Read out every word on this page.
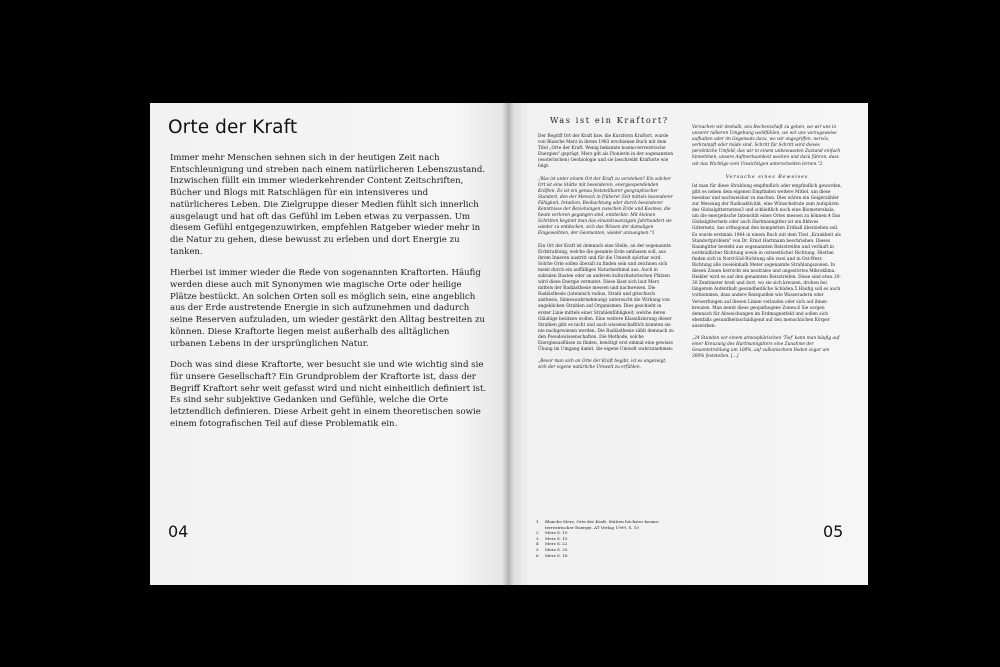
Orte der Kraft

Immer mehr Menschen sehnen sich in der heutigen Zeit nach Entschleunigung und streben nach einem natürlicheren Lebenszustand. Inzwischen füllt ein immer wiederkehrender Content Zeitschriften, Bücher und Blogs mit Ratschlägen für ein intensiveres und natürlicheres Leben. Die Zielgruppe dieser Medien fühlt sich innerlich ausgelaugt und hat oft das Gefühl im Leben etwas zu verpassen. Um diesem Gefühl entgegenzuwirken, empfehlen Ratgeber wieder mehr in die Natur zu gehen, diese bewusst zu erleben und dort Energie zu tanken.

Hierbei ist immer wieder die Rede von sogenannten Kraftorten. Häufig werden diese auch mit Synonymen wie magische Orte oder heilige Plätze bestückt. An solchen Orten soll es möglich sein, eine angeblich aus der Erde austretende Energie in sich aufzunehmen und dadurch seine Reserven aufzuladen, um wieder gestärkt den Alltag bestreiten zu können. Diese Kraftorte liegen meist außerhalb des alltäglichen urbanen Lebens in der ursprünglichen Natur.

Doch was sind diese Kraftorte, wer besucht sie und wie wichtig sind sie für unsere Gesellschaft? Ein Grundproblem der Kraftorte ist, dass der Begriff Kraftort sehr weit gefasst wird und nicht einheitlich definiert ist. Es sind sehr subjektive Gedanken und Gefühle, welche die Orte letztendlich definieren. Diese Arbeit geht in einem theoretischen sowie einem fotografischen Teil auf diese Problematik ein.

04
Was ist ein Kraftort?

Der Begriff Ort der Kraft bzw. die Kurzform Kraftort, wurde von Blanche Merz in ihrem 1983 erschienen Buch mit dem Titel „Orte der Kraft. Wenig bekannte kosmo-terrestrische Energien" geprägt. Merz gilt als Pionierin in der sogenannten (esoterischen) Geobiologie und sie beschreibt Kraftorte wie folgt:

„Was ist unter einem Ort der Kraft zu verstehen? Ein solcher Ort ist eine Stätte mit besonderen, energiespendenden Kräften. Es ist ein genau feststellbarer geographischer Standort, den der Mensch in früherer Zeit mittels besonderer Fähigkeit, Intuition, Beobachtung oder durch besonderer Kenntnisse der Beziehungen zwischen Erde und Kosmos, die heute verloren gegangen sind, entdeckte. Mit kleinen Schritten beginnt man das einundzwanzigste Jahrhundert sie wieder zu entdecken, sich das Wissen der damaligen Eingeweihten, der Geomanten, wieder anzueignen."1

Ein Ort der Kraft ist demnach eine Stelle, an der sogenannte Erdstrahlung, welche die gesamte Erde umfassen soll, aus ihrem Inneren austritt und für die Umwelt spürbar wird. Solche Orte sollen überall zu finden sein und zeichnen sich meist durch ein auffälliges Naturmerkmal aus. Auch in sakralen Bauten oder an anderen kulturhistorischen Plätzen wird diese Energie vermutet. Diese lässt sich laut Merz mittels der Radiästhesie messen und nachweisen. Die Radiästhesie (lateinisch radius, Strahl und griechisch aisthesis, Sinneswahrnehmung) untersucht die Wirkung von angeblichen Strahlen auf Organismen. Dies geschieht in erster Linie mittels einer Strahlenfühligkeit, welche deren Gläubige besitzen wollen. Eine weitere Klassifizierung dieser Strahlen gibt es nicht und auch wissenschaftlich konnten sie nie nachgewiesen werden. Die Radiästhesie zählt demnach zu den Pseudowissenschaften. Die Methode, solche Energieausflüsse zu finden, benötigt erst einmal eine gewisse Übung im Umgang damit, die eigene Umwelt wahrzunehmen:

„Bevor man sich an Orte der Kraft begibt, ist es angezeigt, sich der eigene natürliche Umwelt zu erfühlen.

Versuchen wir deshalb, uns Rechenschaft zu geben, wo wir uns in unserer näheren Umgebung wohlfühlen, wo wir uns vorzugsweise aufhalten oder im Gegensatz dazu, wo wir angegriffen, nervös, verkrampft oder müde sind. Schritt für Schritt wird dieses persönliche Umfeld, das wir in einem unbewussten Zustand einfach hinnehmen, unsere Aufmerksamkeit wecken und dazu führen, dass wir das Wichtige vom Unwichtigen unterscheiden lernen."2

Versuche eines Beweises

Ist man für diese Strahlung empfindlich oder empfindlich geworden, gibt es neben dem eigenen Empfinden weitere Mittel, um diese messbar und nachweisbar zu machen. Dies wären ein Geigerzähler zur Messung der Radioaktivität, eine Wünschelrute zum Aufspüren des Globalgitternetzes3 und schließlich noch eine Biometerskala, um die energetische Intensität eines Ortes messen zu können.4 Das Globalgitternetz oder auch Hartmanngitter ist ein fiktives Gitternetz, das orthogonal den kompletten Erdball überziehen soll. Es wurde erstmals 1964 in einem Buch mit dem Titel „Krankheit als Standortproblem" von Dr. Ernst Hartmann beschrieben. Dieses Raumgitter besteht aus sogenannten Reizstreifen und verläuft in nordsüdlicher Richtung sowie in ostwestlicher Richtung. Hierbei finden sich in Nord-Süd-Richtung alle zwei und in Ost-West-Richtung alle zweieinhalb Meter sogenannte Strahlungszonen. In diesen Zonen herrscht ein neutrales und ungestörtes Mikroklima. Heikler wird es auf den genannten Reizstreifen. Diese sind etwa 20-30 Zentimeter breit und dort, wo sie sich kreuzen, drohen bei längerem Aufenthalt gesundheitliche Schäden.5 Häufig soll es auch vorkommen, dass andere Reizquellen wie Wasseradern oder Verwerfungen auf diesen Linien verlaufen oder sich auf ihnen kreuzen. Man nennt diese geopathogene Zonen.6 Sie sorgen demnach für Abweichungen im Erdmagnetfeld und sollen sich ebenfalls gesundheitsschädigend auf den menschlichen Körper auswirken:

„24 Stunden vor einem atmosphärischen 'Tief' kann man häufig auf einer Kreuzung des Hartmanngitters eine Zunahme der Gesamtstrahlung um 100%, auf vulkanischem Boden sogar um 300% feststellen. [...]

1	Blanche Merz, Orte der Kraft, Stätten höchster kosmo-terrestrischer Energie, AT Verlag 1999, S. 10
2	Merz S. 10
3	Merz S. 15
4	Merz S. 22
5	Merz S. 20
6	Merz S. 16
05
